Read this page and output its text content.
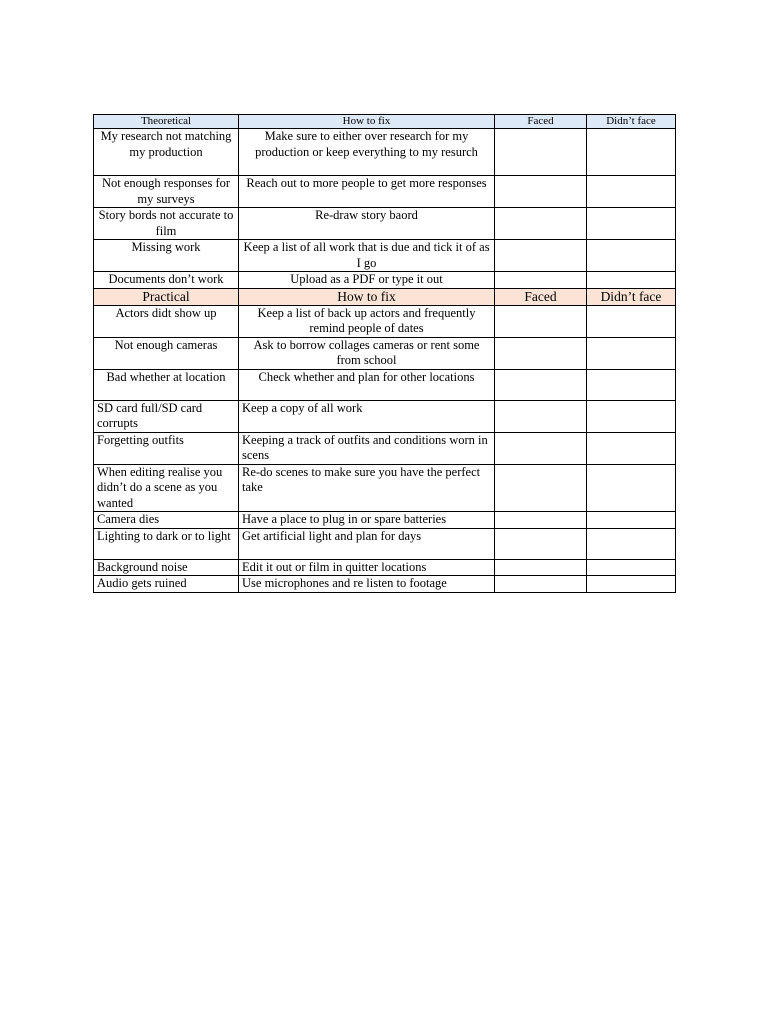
Theoretical	How to fix	Faced	Didn’t face
My research not matching my production	Make sure to either over research for my production or keep everything to my resurch		
Not enough responses for my surveys	Reach out to more people to get more responses		
Story bords not accurate to film	Re-draw story baord		
Missing work	Keep a list of all work that is due and tick it of as I go		
Documents don’t work	Upload as a PDF or type it out		
Practical	How to fix	Faced	Didn’t face
Actors didt show up	Keep a list of back up actors and frequently remind people of dates		
Not enough cameras	Ask to borrow collages cameras or rent some from school		
Bad whether at location	Check whether and plan for other locations		
SD card full/SD card corrupts	Keep a copy of all work		
Forgetting outfits	Keeping a track of outfits and conditions worn in scens		
When editing realise you didn’t do a scene as you wanted	Re-do scenes to make sure you have the perfect take		
Camera dies	Have a place to plug in or spare batteries		
Lighting to dark or to light	Get artificial light and plan for days		
Background noise	Edit it out or film in quitter locations		
Audio gets ruined	Use microphones and re listen to footage		
